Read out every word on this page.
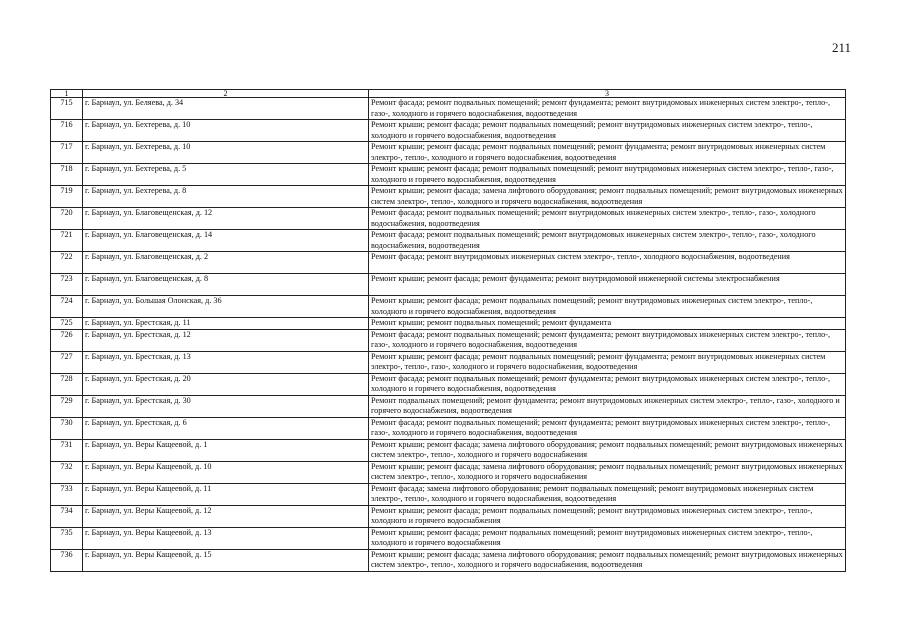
211
1	2	3
715	г. Барнаул, ул. Беляева, д. 34	Ремонт фасада; ремонт подвальных помещений; ремонт фундамента; ремонт внутридомовых инженерных систем электро-, тепло-, газо-, холодного и горячего водоснабжения, водоотведения
716	г. Барнаул, ул. Бехтерева, д. 10	Ремонт крыши; ремонт фасада; ремонт подвальных помещений; ремонт внутридомовых инженерных систем электро-, тепло-, холодного и горячего водоснабжения, водоотведения
717	г. Барнаул, ул. Бехтерева, д. 10	Ремонт крыши; ремонт фасада; ремонт подвальных помещений; ремонт фундамента; ремонт внутридомовых инженерных систем электро-, тепло-, холодного и горячего водоснабжения, водоотведения
718	г. Барнаул, ул. Бехтерева, д. 5	Ремонт крыши; ремонт фасада; ремонт подвальных помещений; ремонт внутридомовых инженерных систем электро-, тепло-, газо-, холодного и горячего водоснабжения, водоотведения
719	г. Барнаул, ул. Бехтерева, д. 8	Ремонт крыши; ремонт фасада; замена лифтового оборудования; ремонт подвальных помещений; ремонт внутридомовых инженерных систем электро-, тепло-, холодного и горячего водоснабжения, водоотведения
720	г. Барнаул, ул. Благовещенская, д. 12	Ремонт фасада; ремонт подвальных помещений; ремонт внутридомовых инженерных систем электро-, тепло-, газо-, холодного водоснабжения, водоотведения
721	г. Барнаул, ул. Благовещенская, д. 14	Ремонт фасада; ремонт подвальных помещений; ремонт внутридомовых инженерных систем электро-, тепло-, газо-, холодного водоснабжения, водоотведения
722	г. Барнаул, ул. Благовещенская, д. 2	Ремонт фасада; ремонт внутридомовых инженерных систем электро-, тепло-, холодного водоснабжения, водоотведения
723	г. Барнаул, ул. Благовещенская, д. 8	Ремонт крыши; ремонт фасада; ремонт фундамента; ремонт внутридомовой инженерной системы электроснабжения
724	г. Барнаул, ул. Большая Олонская, д. 36	Ремонт крыши; ремонт фасада; ремонт подвальных помещений; ремонт внутридомовых инженерных систем электро-, тепло-, холодного и горячего водоснабжения, водоотведения
725	г. Барнаул, ул. Брестская, д. 11	Ремонт крыши; ремонт подвальных помещений; ремонт фундамента
726	г. Барнаул, ул. Брестская, д. 12	Ремонт фасада; ремонт подвальных помещений; ремонт фундамента; ремонт внутридомовых инженерных систем электро-, тепло-, газо-, холодного и горячего водоснабжения, водоотведения
727	г. Барнаул, ул. Брестская, д. 13	Ремонт крыши; ремонт фасада; ремонт подвальных помещений; ремонт фундамента; ремонт внутридомовых инженерных систем электро-, тепло-, газо-, холодного и горячего водоснабжения, водоотведения
728	г. Барнаул, ул. Брестская, д. 20	Ремонт фасада; ремонт подвальных помещений; ремонт фундамента; ремонт внутридомовых инженерных систем электро-, тепло-, холодного и горячего водоснабжения, водоотведения
729	г. Барнаул, ул. Брестская, д. 30	Ремонт подвальных помещений; ремонт фундамента; ремонт внутридомовых инженерных систем электро-, тепло-, газо-, холодного и горячего водоснабжения, водоотведения
730	г. Барнаул, ул. Брестская, д. 6	Ремонт фасада; ремонт подвальных помещений; ремонт фундамента; ремонт внутридомовых инженерных систем электро-, тепло-, газо-, холодного и горячего водоснабжения, водоотведения
731	г. Барнаул, ул. Веры Кащеевой, д. 1	Ремонт крыши; ремонт фасада; замена лифтового оборудования; ремонт подвальных помещений; ремонт внутридомовых инженерных систем электро-, тепло-, холодного и горячего водоснабжения
732	г. Барнаул, ул. Веры Кащеевой, д. 10	Ремонт крыши; ремонт фасада; замена лифтового оборудования; ремонт подвальных помещений; ремонт внутридомовых инженерных систем электро-, тепло-, холодного и горячего водоснабжения
733	г. Барнаул, ул. Веры Кащеевой, д. 11	Ремонт фасада; замена лифтового оборудования; ремонт подвальных помещений; ремонт внутридомовых инженерных систем электро-, тепло-, холодного и горячего водоснабжения, водоотведения
734	г. Барнаул, ул. Веры Кащеевой, д. 12	Ремонт крыши; ремонт фасада; ремонт подвальных помещений; ремонт внутридомовых инженерных систем электро-, тепло-, холодного и горячего водоснабжения
735	г. Барнаул, ул. Веры Кащеевой, д. 13	Ремонт крыши; ремонт фасада; ремонт подвальных помещений; ремонт внутридомовых инженерных систем электро-, тепло-, холодного и горячего водоснабжения
736	г. Барнаул, ул. Веры Кащеевой, д. 15	Ремонт крыши; ремонт фасада; замена лифтового оборудования; ремонт подвальных помещений; ремонт внутридомовых инженерных систем электро-, тепло-, холодного и горячего водоснабжения, водоотведения
